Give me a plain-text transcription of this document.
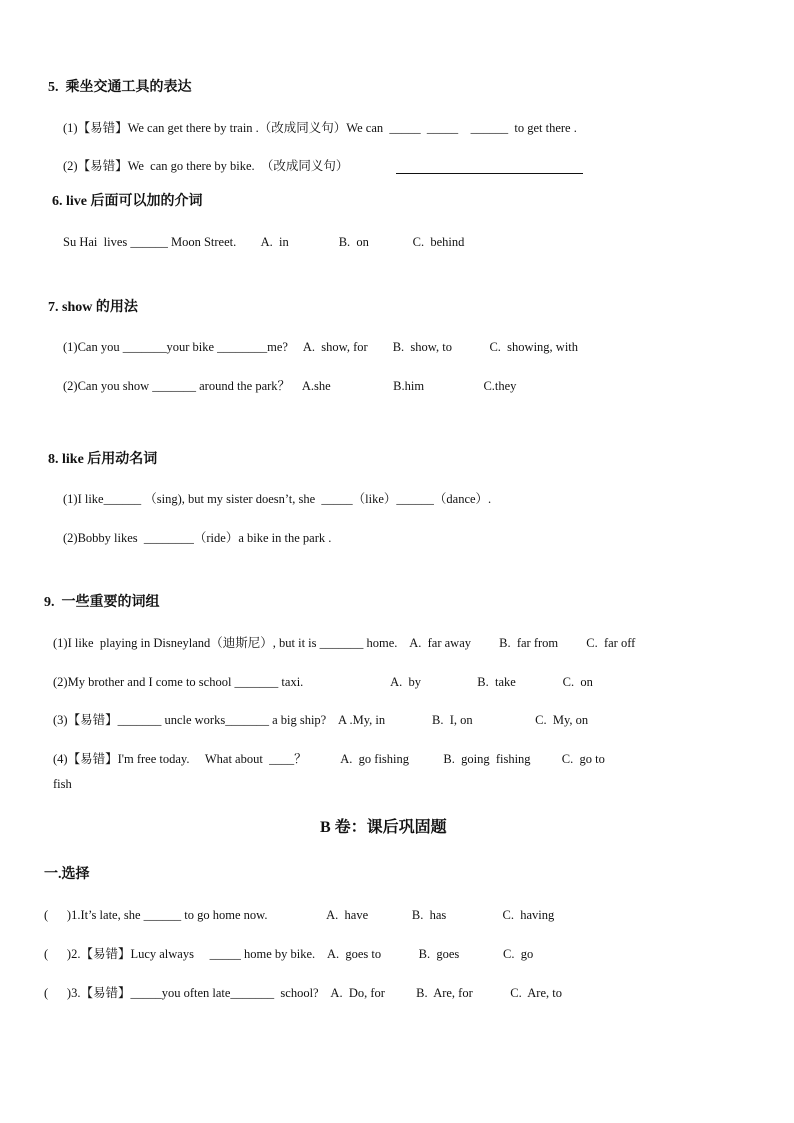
5.  乘坐交通工具的表达
(1)【易错】We can get there by train .（改成同义句）We can  _____  _____    ______  to get there .
(2)【易错】We  can go there by bike.  （改成同义句）
6. live 后面可以加的介词
Su Hai  lives ______ Moon Street.        A.  in                B.  on              C.  behind
7. show 的用法
(1)Can you _______your bike ________me?     A.  show, for        B.  show, to            C.  showing, with
(2)Can you show _______ around the park？    A.she                    B.him                   C.they
8. like 后用动名词
(1)I like______ （sing), but my sister doesn’t, she  _____（like）______（dance）.
(2)Bobby likes  ________（ride）a bike in the park .
9.  一些重要的词组
(1)I like  playing in Disneyland（迪斯尼）, but it is _______ home.    A.  far away         B.  far from         C.  far off
(2)My brother and I come to school _______ taxi.                            A.  by                  B.  take               C.  on
(3)【易错】_______ uncle works_______ a big ship?    A .My, in               B.  I, on                    C.  My, on
(4)【易错】I'm free today.     What about  ____？           A.  go fishing           B.  going  fishing          C.  go to
fish
B 卷：课后巩固题
一.选择
(      )1.It’s late, she ______ to go home now.                   A.  have              B.  has                  C.  having
(      )2.【易错】Lucy always     _____ home by bike.    A.  goes to            B.  goes              C.  go
(      )3.【易错】_____you often late_______  school?    A.  Do, for          B.  Are, for            C.  Are, to
